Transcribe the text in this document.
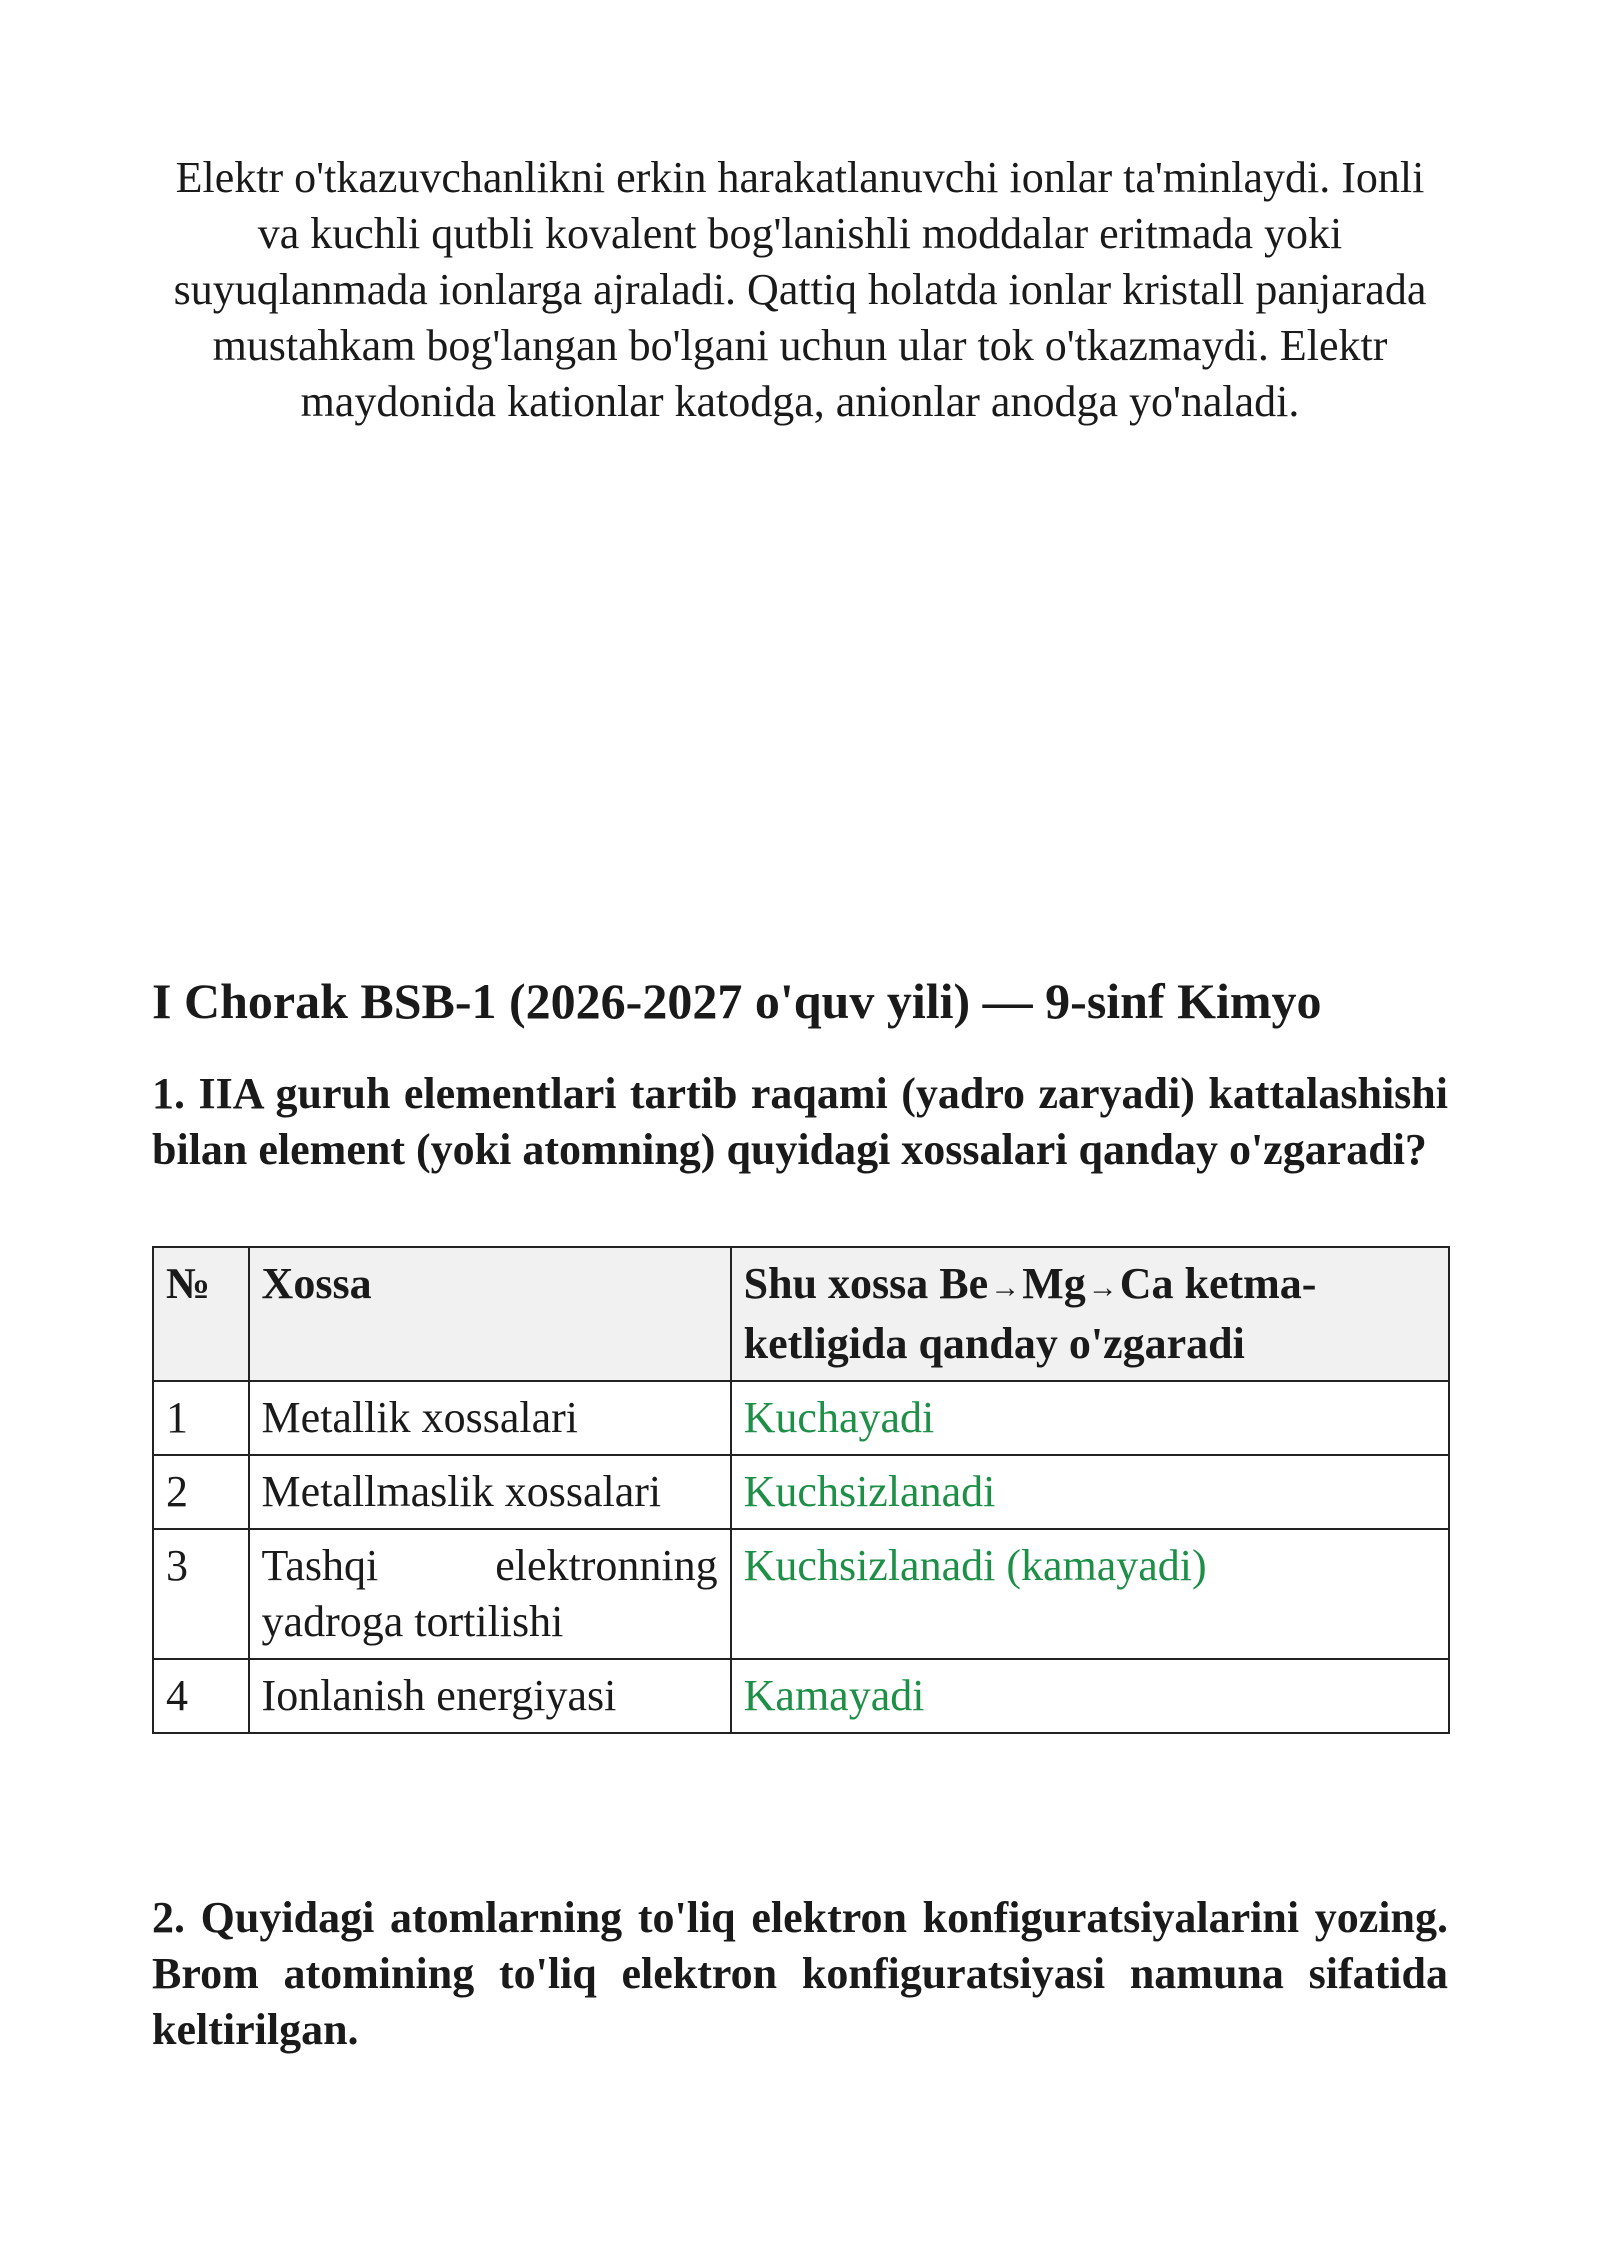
Elektr o'tkazuvchanlikni erkin harakatlanuvchi ionlar ta'minlaydi. Ionli va kuchli qutbli kovalent bog'lanishli moddalar eritmada yoki suyuqlanmada ionlarga ajraladi. Qattiq holatda ionlar kristall panjarada mustahkam bog'langan bo'lgani uchun ular tok o'tkazmaydi. Elektr maydonida kationlar katodga, anionlar anodga yo'naladi.
I Chorak BSB-1 (2026-2027 o'quv yili) — 9-sinf Kimyo
1. IIA guruh elementlari tartib raqami (yadro zaryadi) kattalashishi bilan element (yoki atomning) quyidagi xossalari qanday o'zgaradi?
№	Xossa	Shu xossa Be→Mg→Ca ketma-ketligida qanday o'zgaradi
1	Metallik xossalari	Kuchayadi
2	Metallmaslik xossalari	Kuchsizlanadi
3	Tashqi elektronning yadroga tortilishi	Kuchsizlanadi (kamayadi)
4	Ionlanish energiyasi	Kamayadi
2. Quyidagi atomlarning to'liq elektron konfiguratsiyalarini yozing. Brom atomining to'liq elektron konfiguratsiyasi namuna sifatida keltirilgan.
